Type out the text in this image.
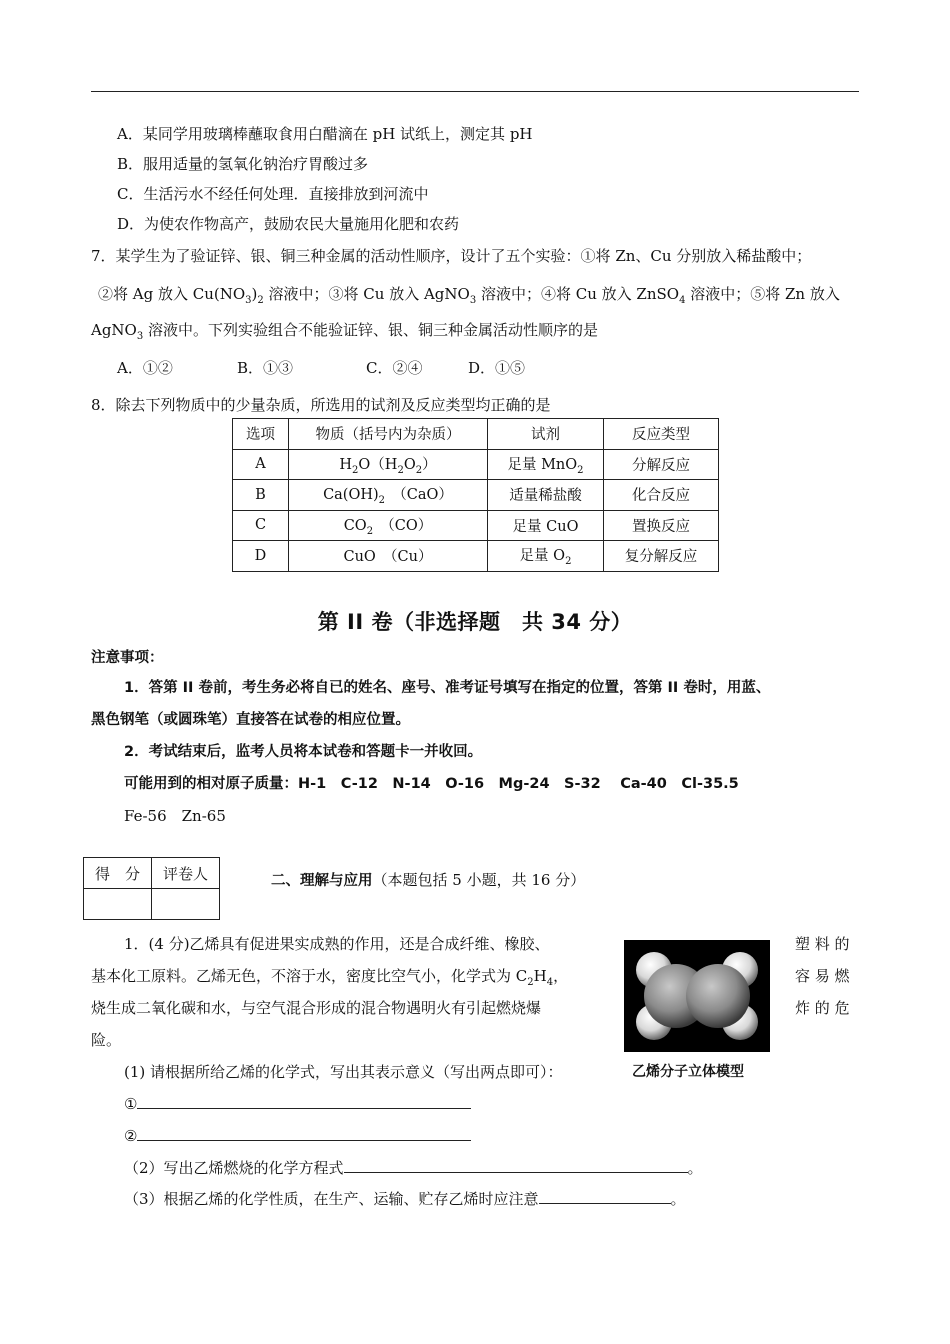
A．某同学用玻璃棒蘸取食用白醋滴在 pH 试纸上，测定其 pH
B．服用适量的氢氧化钠治疗胃酸过多
C．生活污水不经任何处理．直接排放到河流中
D．为使农作物高产，鼓励农民大量施用化肥和农药
7．某学生为了验证锌、银、铜三种金属的活动性顺序，设计了五个实验：①将 Zn、Cu 分别放入稀盐酸中；
②将 Ag 放入 $Cu(NO_3)_2$ 溶液中；③将 Cu 放入 AgNO$_3$ 溶液中；④将 Cu 放入 ZnSO$_4$ 溶液中；⑤将 Zn 放入
AgNO$_3$ 溶液中。下列实验组合不能验证锌、银、铜三种金属活动性顺序的是
A．①②	B．①③	C．②④	D．①⑤
8．除去下列物质中的少量杂质，所选用的试剂及反应类型均正确的是
选项	物质（括号内为杂质）	试剂	反应类型
A	$H_2O(H_2O_2)$	足量 MnO$_2$	分解反应
B	$Ca(OH)_2$　（CaO）	适量稀盐酸	化合反应
C	$CO_2$　（CO）	足量 CuO	置换反应
D	CuO　（Cu）	足量 $O_2$	复分解反应
第 II 卷（非选择题　共 34 分）
注意事项：
1．答第 II 卷前，考生务必将自已的姓名、座号、准考证号填写在指定的位置，答第 II 卷时，用蓝、
黑色钢笔（或圆珠笔）直接答在试卷的相应位置。
2．考试结束后，监考人员将本试卷和答题卡一并收回。
可能用到的相对原子质量：H-1　C-12　N-14　O-16　Mg-24　S-32　 Ca-40　Cl-35.5
Fe-56　Zn-65
得　分	评卷人
		二、理解与应用（本题包括 5 小题，共 16 分）
1．(4 分)乙烯具有促进果实成熟的作用，还是合成纤维、橡胶、	塑 料 的
基本化工原料。乙烯无色，不溶于水，密度比空气小，化学式为 $C_2H_4$，	容 易 燃
烧生成二氧化碳和水，与空气混合形成的混合物遇明火有引起燃烧爆	炸 的 危
险。
乙烯分子立体模型
(1) 请根据所给乙烯的化学式，写出其表示意义（写出两点即可）：
①
②
（2）写出乙烯燃烧的化学方程式	。
（3）根据乙烯的化学性质，在生产、运输、贮存乙烯时应注意	。
